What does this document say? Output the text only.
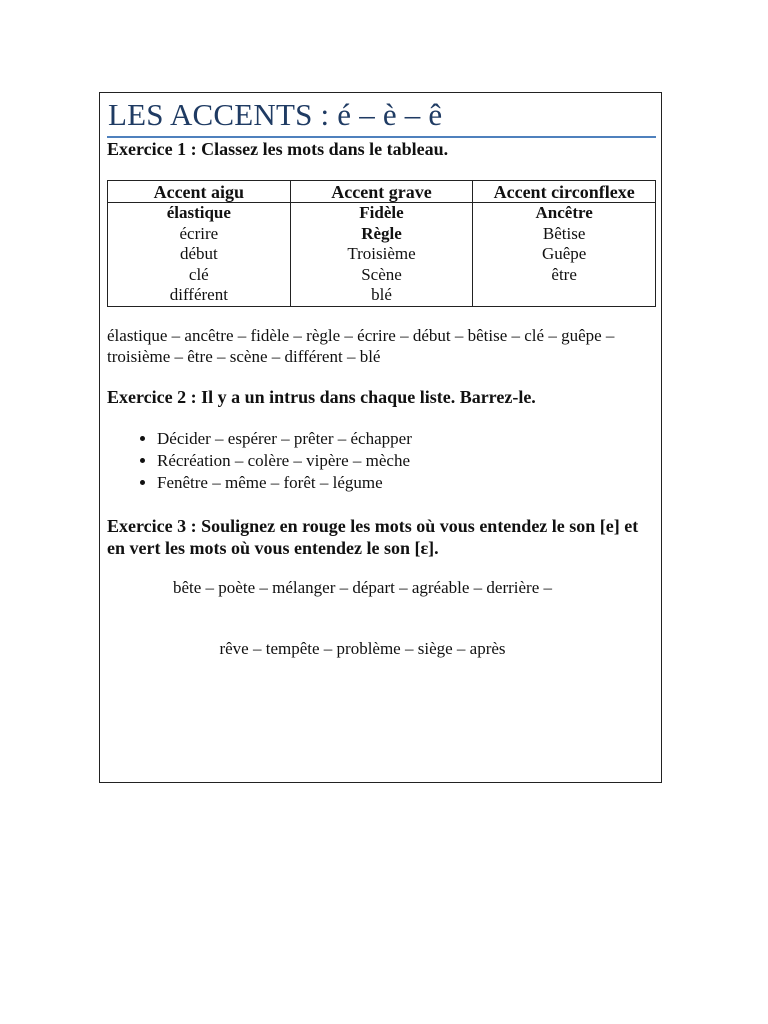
LES ACCENTS : é – è – ê

Exercice 1 : Classez les mots dans le tableau.

Accent aigu	Accent grave	Accent circonflexe
élastique	Fidèle	Ancêtre
écrire	Règle	Bêtise
début	Troisième	Guêpe
clé	Scène	être
différent	blé	

élastique – ancêtre – fidèle – règle – écrire – début – bêtise – clé – guêpe – troisième – être – scène – différent – blé

Exercice 2 : Il y a un intrus dans chaque liste. Barrez-le.

• Décider – espérer – prêter – échapper
• Récréation – colère – vipère – mèche
• Fenêtre – même – forêt – légume

Exercice 3 : Soulignez en rouge les mots où vous entendez le son [e] et en vert les mots où vous entendez le son [ɛ].

bête – poète – mélanger – départ – agréable – derrière –

rêve – tempête – problème – siège – après
